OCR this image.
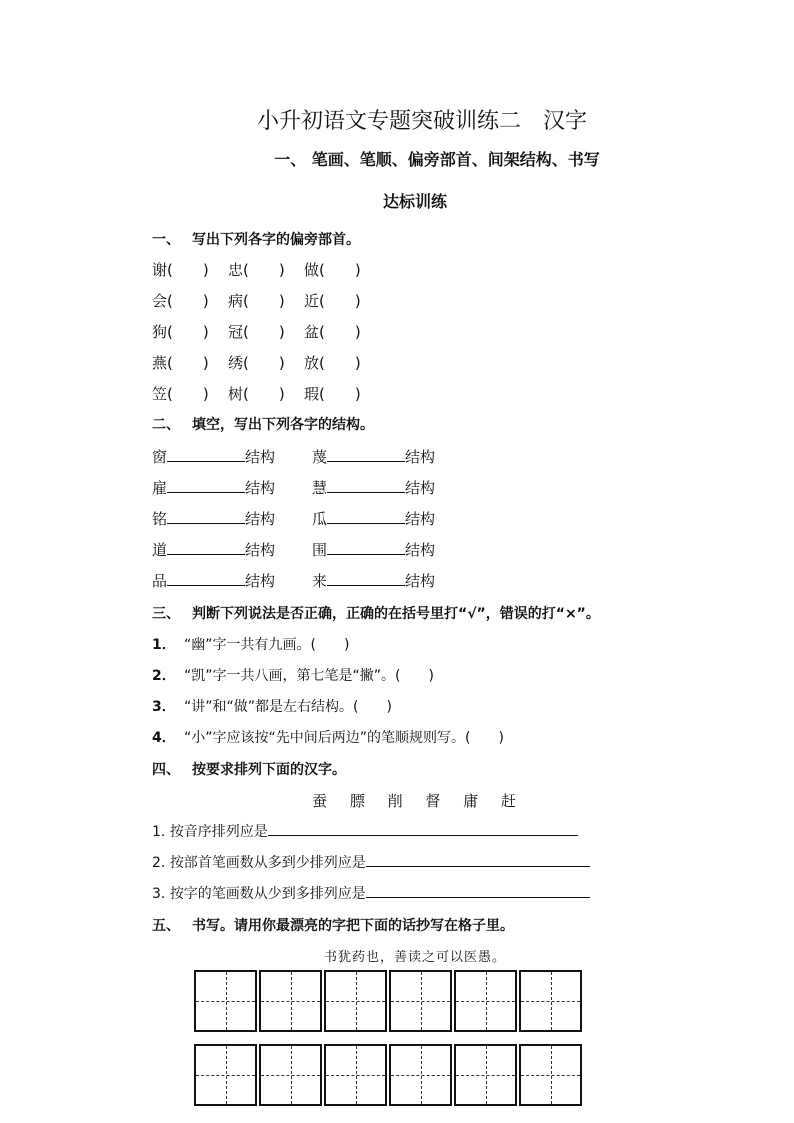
小升初语文专题突破训练二　汉字
一、 笔画、笔顺、偏旁部首、间架结构、书写
达标训练
一、 写出下列各字的偏旁部首。
谢(　　) 忠(　　) 做(　　)
会(　　) 病(　　) 近(　　)
狗(　　) 冠(　　) 盆(　　)
燕(　　) 绣(　　) 放(　　)
笠(　　) 树(　　) 瑕(　　)
二、 填空，写出下列各字的结构。
窗	结构 蔑	结构
雇	结构 慧	结构
铭	结构 瓜	结构
道	结构 围	结构
品	结构 来	结构
三、 判断下列说法是否正确，正确的在括号里打“√”，错误的打“×”。
1． “幽”字一共有九画。(　　)
2． “凯”字一共八画，第七笔是“撇”。(　　)
3． “讲”和“做”都是左右结构。(　　)
4． “小”字应该按“先中间后两边”的笔顺规则写。(　　)
四、 按要求排列下面的汉字。
蚕 膘 削 督 庸 赶
1. 按音序排列应是
2. 按部首笔画数从多到少排列应是
3. 按字的笔画数从少到多排列应是
五、 书写。请用你最漂亮的字把下面的话抄写在格子里。
书犹药也，善读之可以医愚。
